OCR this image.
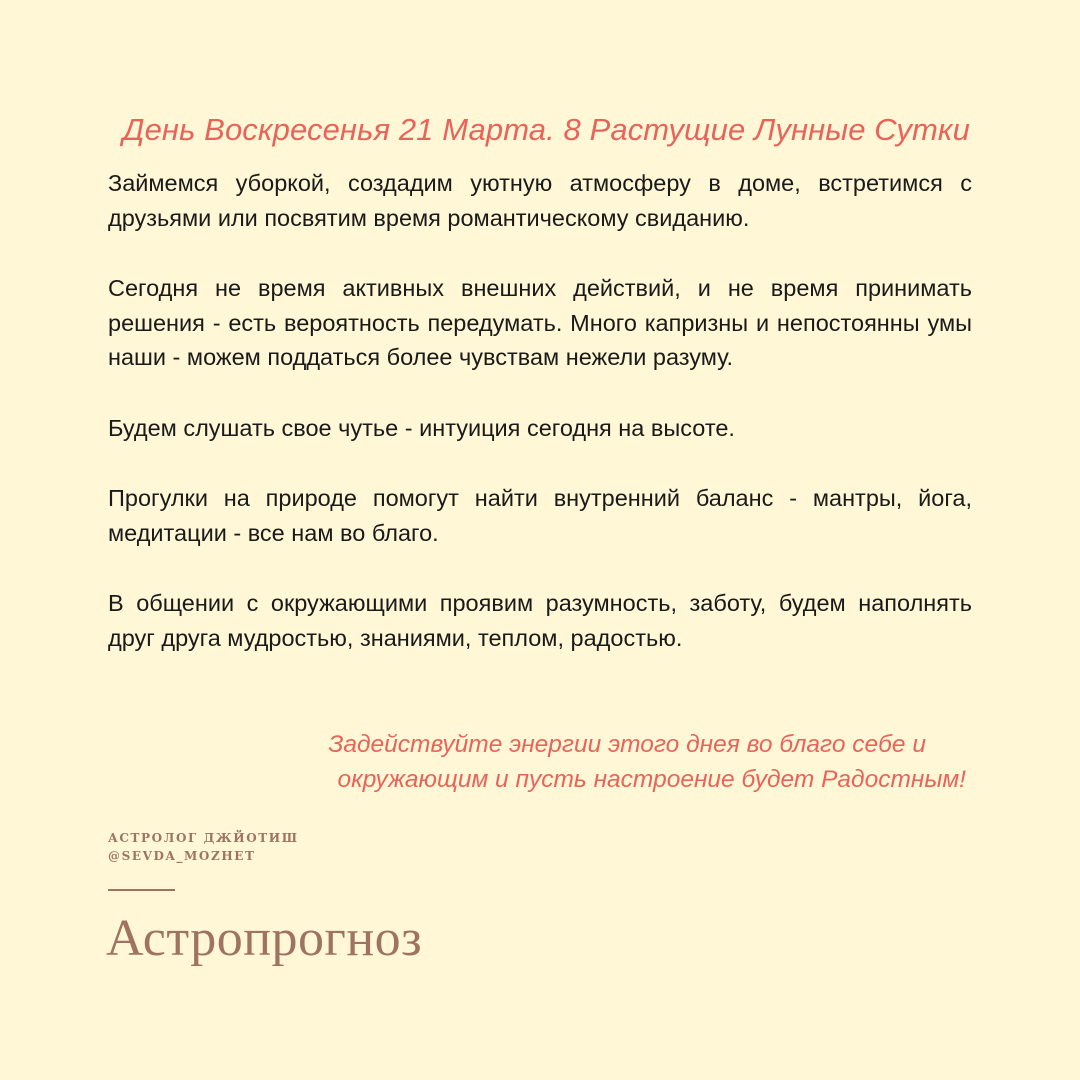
День Воскресенья 21 Марта. 8 Растущие Лунные Сутки

Займемся уборкой, создадим уютную атмосферу в доме, встретимся с друзьями или посвятим время романтическому свиданию.

Сегодня не время активных внешних действий, и не время принимать решения - есть вероятность передумать. Много капризны и непостоянны умы наши - можем поддаться более чувствам нежели разуму.

Будем слушать свое чутье - интуиция сегодня на высоте.

Прогулки на природе помогут найти внутренний баланс - мантры, йога, медитации - все нам во благо.

В общении с окружающими проявим разумность, заботу, будем наполнять друг друга мудростью, знаниями, теплом, радостью.

Задействуйте энергии этого днея во благо себе и
окружающим и пусть настроение будет Радостным!
АСТРОЛОГ ДЖЙОТИШ
@SEVDA_MOZHET
Астропрогноз
